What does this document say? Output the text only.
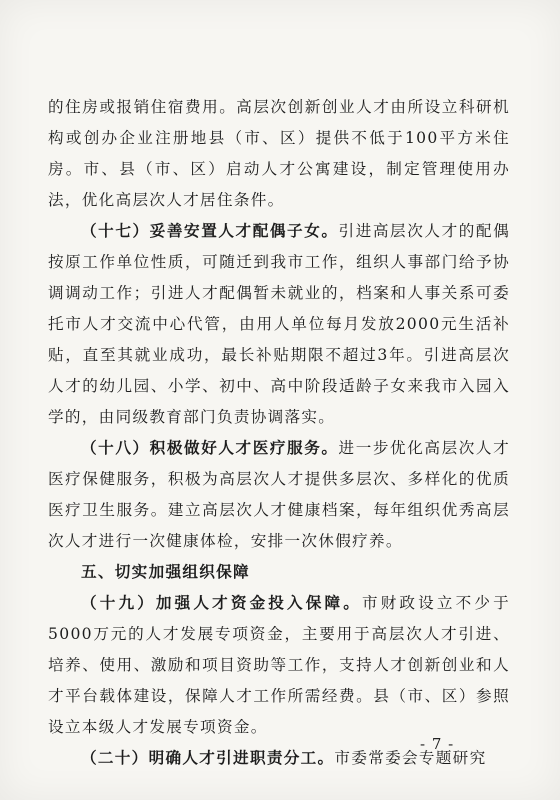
的住房或报销住宿费用。高层次创新创业人才由所设立科研机构或创办企业注册地县（市、区）提供不低于100平方米住房。市、县（市、区）启动人才公寓建设，制定管理使用办法，优化高层次人才居住条件。

（十七）妥善安置人才配偶子女。引进高层次人才的配偶按原工作单位性质，可随迁到我市工作，组织人事部门给予协调调动工作；引进人才配偶暂未就业的，档案和人事关系可委托市人才交流中心代管，由用人单位每月发放2000元生活补贴，直至其就业成功，最长补贴期限不超过3年。引进高层次人才的幼儿园、小学、初中、高中阶段适龄子女来我市入园入学的，由同级教育部门负责协调落实。

（十八）积极做好人才医疗服务。进一步优化高层次人才医疗保健服务，积极为高层次人才提供多层次、多样化的优质医疗卫生服务。建立高层次人才健康档案，每年组织优秀高层次人才进行一次健康体检，安排一次休假疗养。

五、切实加强组织保障

（十九）加强人才资金投入保障。市财政设立不少于5000万元的人才发展专项资金，主要用于高层次人才引进、培养、使用、激励和项目资助等工作，支持人才创新创业和人才平台载体建设，保障人才工作所需经费。县（市、区）参照设立本级人才发展专项资金。

（二十）明确人才引进职责分工。市委常委会专题研究

- 7 -
